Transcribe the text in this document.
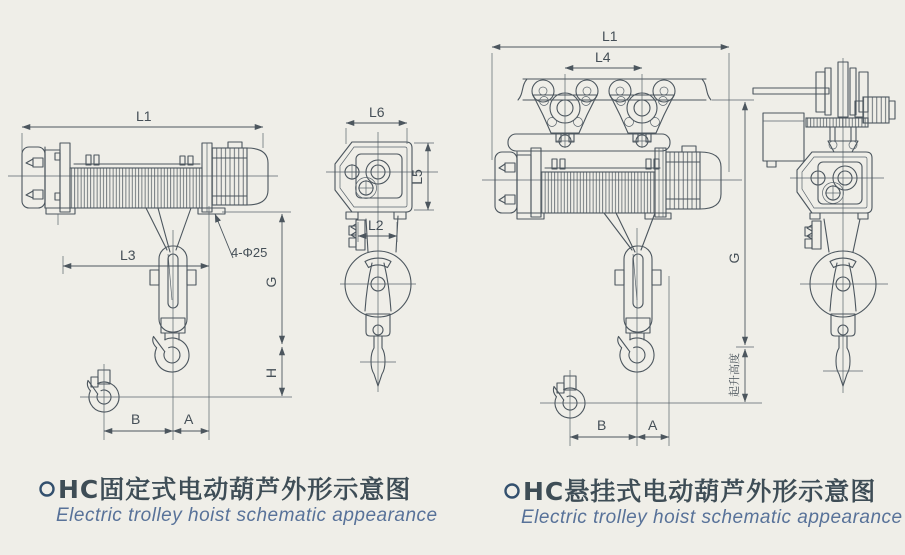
L1
L3	4-Φ25
G
H
B	A
L6
L5
L2
L1
L4
G
起升高度
B	A
HC固定式电动葫芦外形示意图
Electric trolley hoist schematic appearance
HC悬挂式电动葫芦外形示意图
Electric trolley hoist schematic appearance
